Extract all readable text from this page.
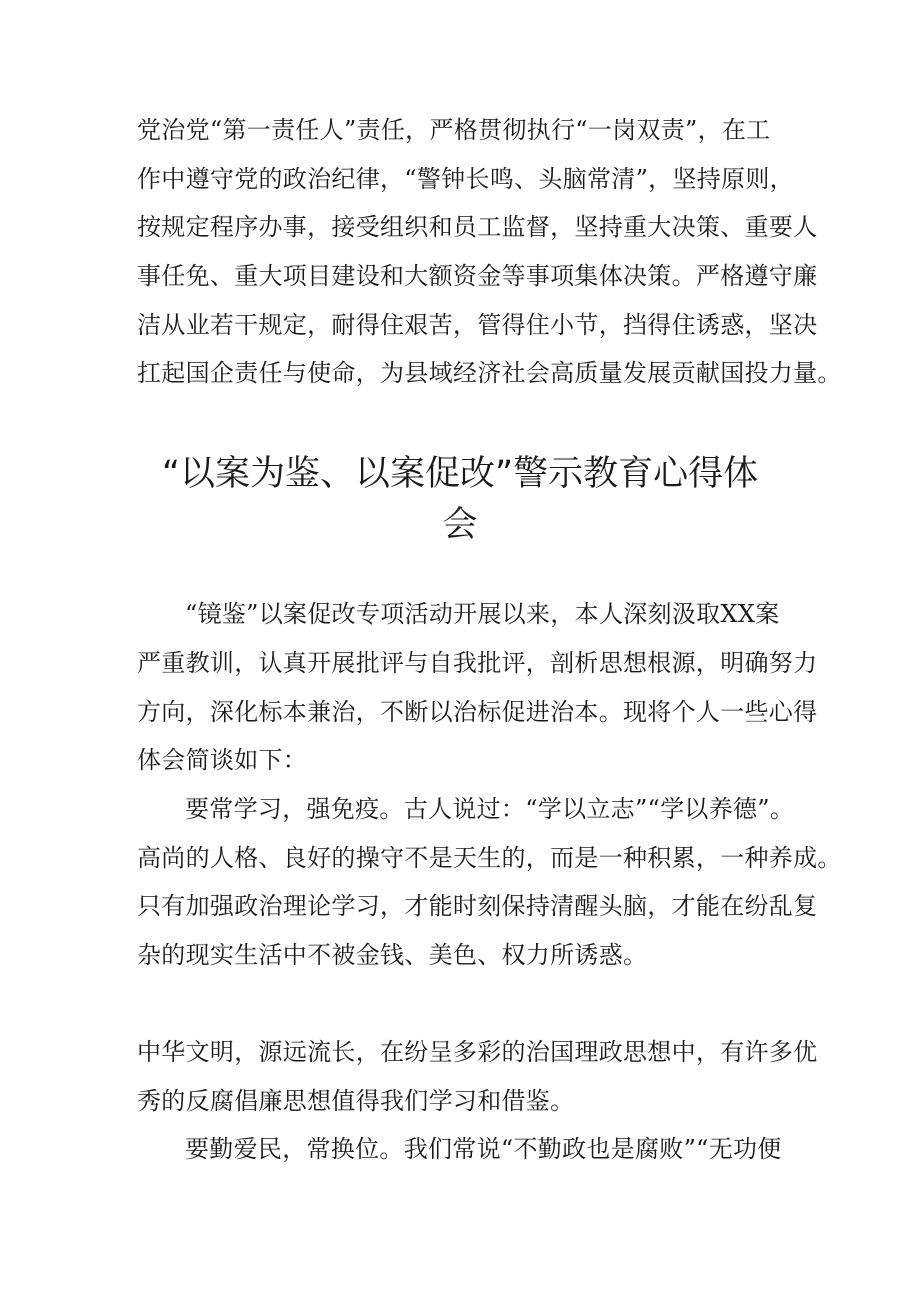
党治党“第一责任人”责任，严格贯彻执行“一岗双责”，在工
作中遵守党的政治纪律，“警钟长鸣、头脑常清”，坚持原则，
按规定程序办事，接受组织和员工监督，坚持重大决策、重要人
事任免、重大项目建设和大额资金等事项集体决策。严格遵守廉
洁从业若干规定，耐得住艰苦，管得住小节，挡得住诱惑，坚决
扛起国企责任与使命，为县域经济社会高质量发展贡献国投力量。
“以案为鉴、以案促改”警示教育心得体
会
“镜鉴”以案促改专项活动开展以来，本人深刻汲取XX案
严重教训，认真开展批评与自我批评，剖析思想根源，明确努力
方向，深化标本兼治，不断以治标促进治本。现将个人一些心得
体会简谈如下：
要常学习，强免疫。古人说过：“学以立志”“学以养德”。
高尚的人格、良好的操守不是天生的，而是一种积累，一种养成。
只有加强政治理论学习，才能时刻保持清醒头脑，才能在纷乱复
杂的现实生活中不被金钱、美色、权力所诱惑。
中华文明，源远流长，在纷呈多彩的治国理政思想中，有许多优
秀的反腐倡廉思想值得我们学习和借鉴。
要勤爱民，常换位。我们常说“不勤政也是腐败”“无功便
